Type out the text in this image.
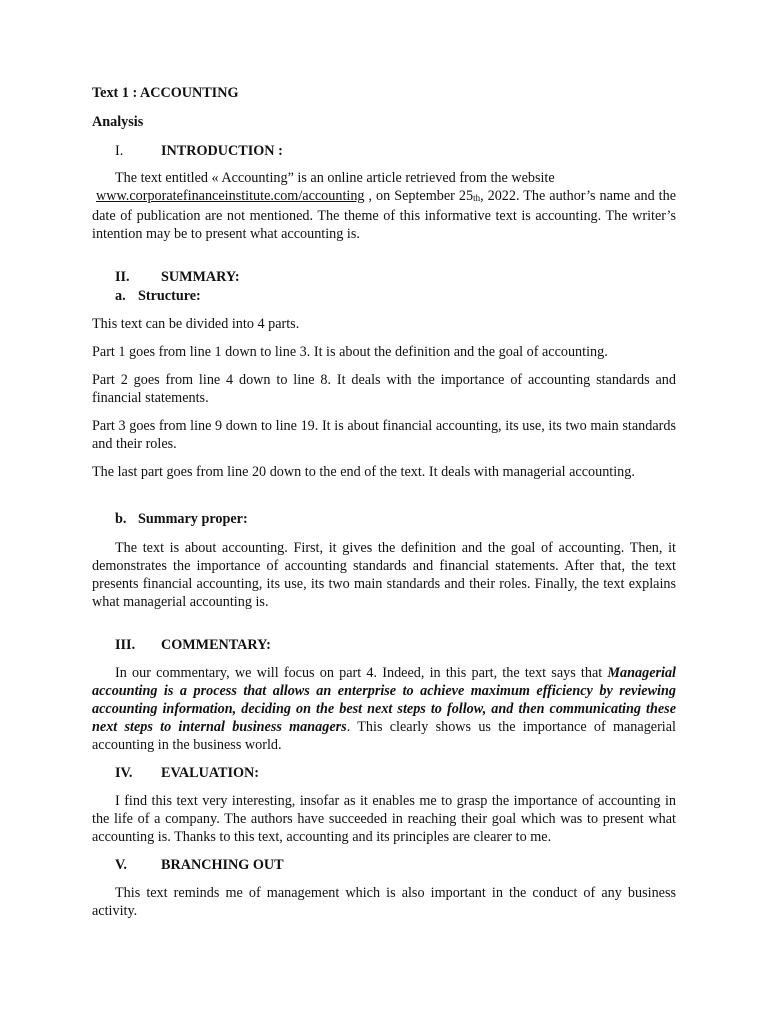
Text 1 : ACCOUNTING
Analysis
I.	INTRODUCTION :

The text entitled « Accounting” is an online article retrieved from the website
www.corporatefinanceinstitute.com/accounting , on September $25_{th}$, 2022. The author’s name and the date of publication are not mentioned. The theme of this informative text is accounting. The writer’s intention may be to present what accounting is.

II.	SUMMARY:
a. Structure:

This text can be divided into 4 parts.

Part 1 goes from line 1 down to line 3. It is about the definition and the goal of accounting.

Part 2 goes from line 4 down to line 8. It deals with the importance of accounting standards and financial statements.

Part 3 goes from line 9 down to line 19. It is about financial accounting, its use, its two main standards and their roles.

The last part goes from line 20 down to the end of the text. It deals with managerial accounting.

b. Summary proper:

The text is about accounting. First, it gives the definition and the goal of accounting. Then, it demonstrates the importance of accounting standards and financial statements. After that, the text presents financial accounting, its use, its two main standards and their roles. Finally, the text explains what managerial accounting is.

III.	COMMENTARY:

In our commentary, we will focus on part 4. Indeed, in this part, the text says that Managerial accounting is a process that allows an enterprise to achieve maximum efficiency by reviewing accounting information, deciding on the best next steps to follow, and then communicating these next steps to internal business managers. This clearly shows us the importance of managerial accounting in the business world.

IV.	EVALUATION:

I find this text very interesting, insofar as it enables me to grasp the importance of accounting in the life of a company. The authors have succeeded in reaching their goal which was to present what accounting is. Thanks to this text, accounting and its principles are clearer to me.

V.	BRANCHING OUT

This text reminds me of management which is also important in the conduct of any business activity.
